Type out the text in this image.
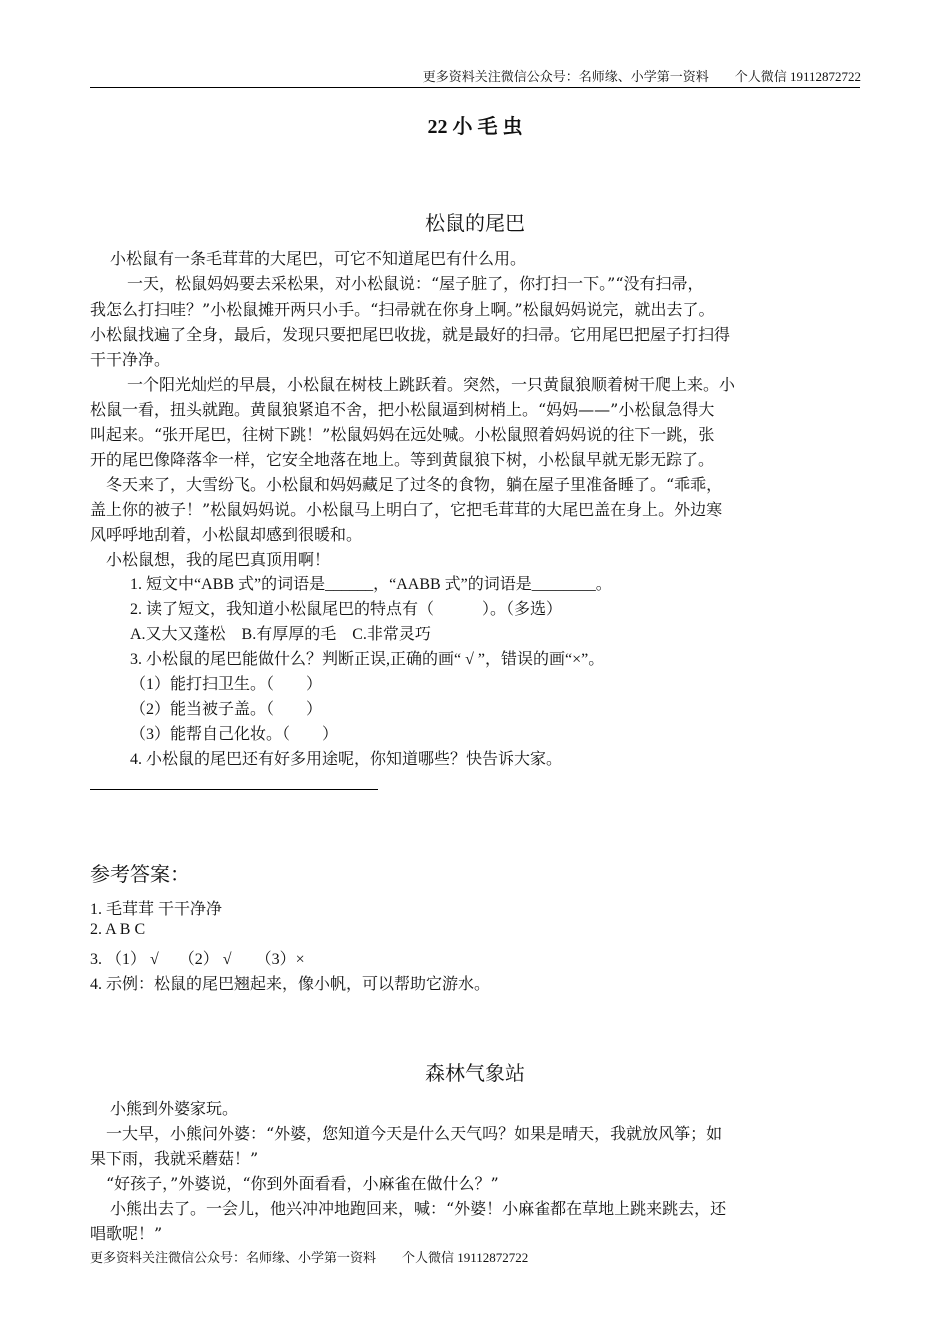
更多资料关注微信公众号：名师缘、小学第一资料　　个人微信 19112872722
22 小 毛 虫
松鼠的尾巴
小松鼠有一条毛茸茸的大尾巴，可它不知道尾巴有什么用。
一天，松鼠妈妈要去采松果，对小松鼠说：“屋子脏了，你打扫一下。”“没有扫帚，
我怎么打扫哇？”小松鼠摊开两只小手。“扫帚就在你身上啊。”松鼠妈妈说完，就出去了。
小松鼠找遍了全身，最后，发现只要把尾巴收拢，就是最好的扫帚。它用尾巴把屋子打扫得
干干净净。
一个阳光灿烂的早晨，小松鼠在树枝上跳跃着。突然，一只黄鼠狼顺着树干爬上来。小
松鼠一看，扭头就跑。黄鼠狼紧追不舍，把小松鼠逼到树梢上。“妈妈——”小松鼠急得大
叫起来。“张开尾巴，往树下跳！”松鼠妈妈在远处喊。小松鼠照着妈妈说的往下一跳，张
开的尾巴像降落伞一样，它安全地落在地上。等到黄鼠狼下树，小松鼠早就无影无踪了。
冬天来了，大雪纷飞。小松鼠和妈妈藏足了过冬的食物，躺在屋子里准备睡了。“乖乖，
盖上你的被子！”松鼠妈妈说。小松鼠马上明白了，它把毛茸茸的大尾巴盖在身上。外边寒
风呼呼地刮着，小松鼠却感到很暖和。
小松鼠想，我的尾巴真顶用啊！
1. 短文中“ABB 式”的词语是______，“AABB 式”的词语是________。
2. 读了短文，我知道小松鼠尾巴的特点有（　　　）。（多选）
A.又大又蓬松　B.有厚厚的毛　C.非常灵巧
3. 小松鼠的尾巴能做什么？判断正误,正确的画“ √ ”，错误的画“×”。
（1）能打扫卫生。（　　）
（2）能当被子盖。（　　）
（3）能帮自己化妆。（　　）
4. 小松鼠的尾巴还有好多用途呢，你知道哪些？快告诉大家。
参考答案：
1. 毛茸茸 干干净净
2. A B C
3. （1） √　 （2） √　　（3）×
4. 示例：松鼠的尾巴翘起来，像小帆，可以帮助它游水。
森林气象站
小熊到外婆家玩。
一大早，小熊问外婆：“外婆，您知道今天是什么天气吗？如果是晴天，我就放风筝；如
果下雨，我就采蘑菇！”
“好孩子，”外婆说，“你到外面看看，小麻雀在做什么？”
小熊出去了。一会儿，他兴冲冲地跑回来，喊：“外婆！小麻雀都在草地上跳来跳去，还
唱歌呢！”
更多资料关注微信公众号：名师缘、小学第一资料　　个人微信 19112872722
